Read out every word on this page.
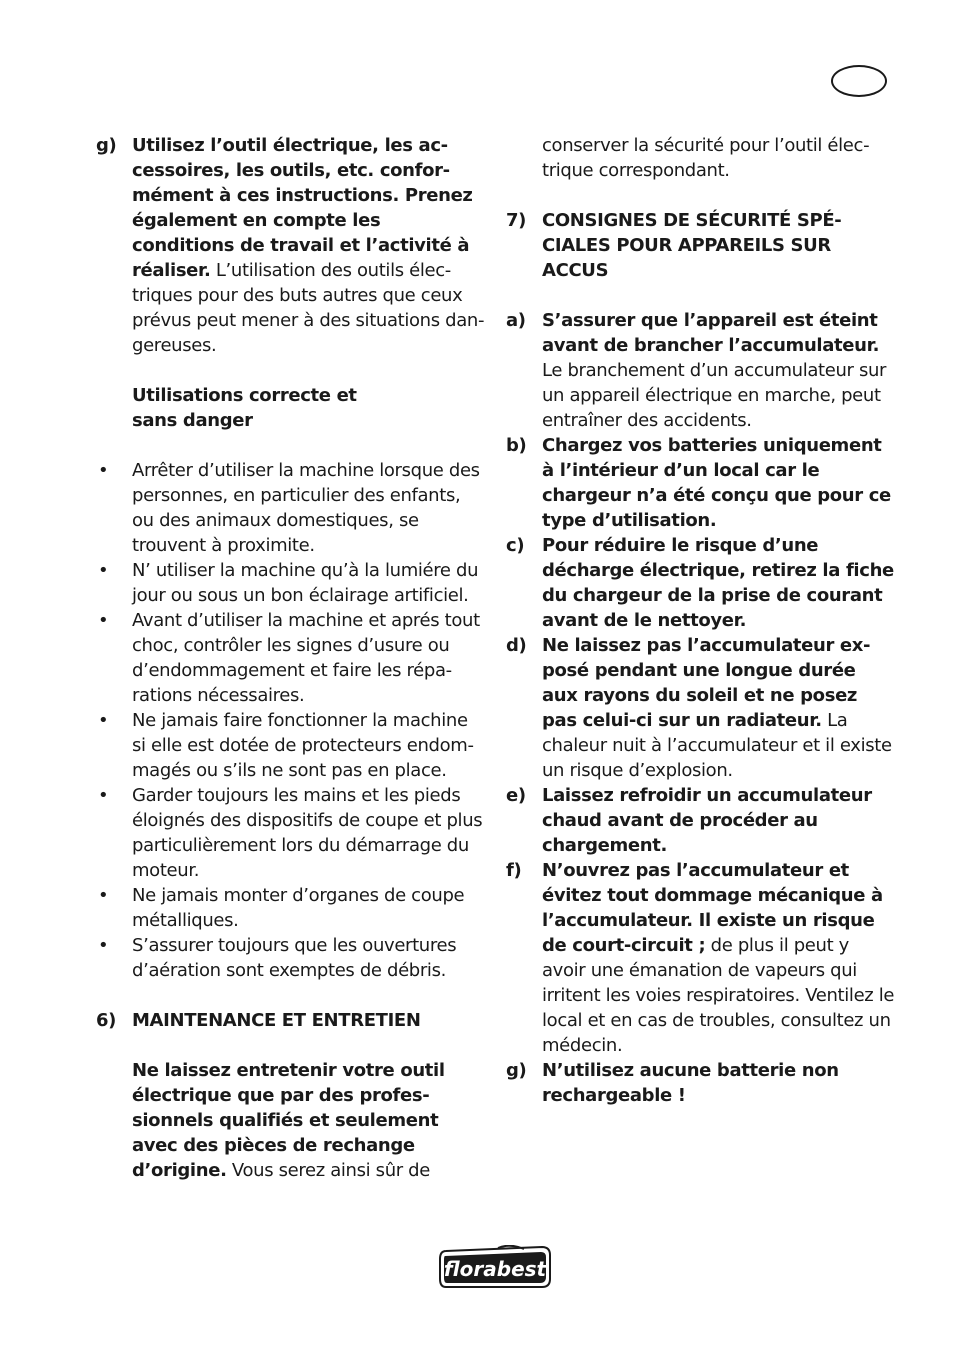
g) Utilisez l’outil électrique, les accessoires, les outils, etc. conformément à ces instructions. Prenez également en compte les conditions de travail et l’activité à réaliser. L’utilisation des outils électriques pour des buts autres que ceux prévus peut mener à des situations dangereuses.
Utilisations correcte et
sans danger
• Arrêter d’utiliser la machine lorsque des personnes, en particulier des enfants, ou des animaux domestiques, se trouvent à proximite.
• N’ utiliser la machine qu’à la lumiére du jour ou sous un bon éclairage artificiel.
• Avant d’utiliser la machine et aprés tout choc, contrôler les signes d’usure ou d’endommagement et faire les réparations nécessaires.
• Ne jamais faire fonctionner la machine si elle est dotée de protecteurs endommagés ou s’ils ne sont pas en place.
• Garder toujours les mains et les pieds éloignés des dispositifs de coupe et plus particulièrement lors du démarrage du moteur.
• Ne jamais monter d’organes de coupe métalliques.
• S’assurer toujours que les ouvertures d’aération sont exemptes de débris.
6) MAINTENANCE ET ENTRETIEN
Ne laissez entretenir votre outil électrique que par des professionnels qualifiés et seulement avec des pièces de rechange d’origine. Vous serez ainsi sûr de
conserver la sécurité pour l’outil électrique correspondant.
7) CONSIGNES DE SÉCURITÉ SPÉCIALES POUR APPAREILS SUR ACCUS
a) S’assurer que l’appareil est éteint avant de brancher l’accumulateur. Le branchement d’un accumulateur sur un appareil électrique en marche, peut entraîner des accidents.
b) Chargez vos batteries uniquement à l’intérieur d’un local car le chargeur n’a été conçu que pour ce type d’utilisation.
c) Pour réduire le risque d’une décharge électrique, retirez la fiche du chargeur de la prise de courant avant de le nettoyer.
d) Ne laissez pas l’accumulateur exposé pendant une longue durée aux rayons du soleil et ne posez pas celui-ci sur un radiateur. La chaleur nuit à l’accumulateur et il existe un risque d’explosion.
e) Laissez refroidir un accumulateur chaud avant de procéder au chargement.
f) N’ouvrez pas l’accumulateur et évitez tout dommage mécanique à l’accumulateur. Il existe un risque de court-circuit ; de plus il peut y avoir une émanation de vapeurs qui irritent les voies respiratoires. Ventilez le local et en cas de troubles, consultez un médecin.
g) N’utilisez aucune batterie non rechargeable !
florabest
